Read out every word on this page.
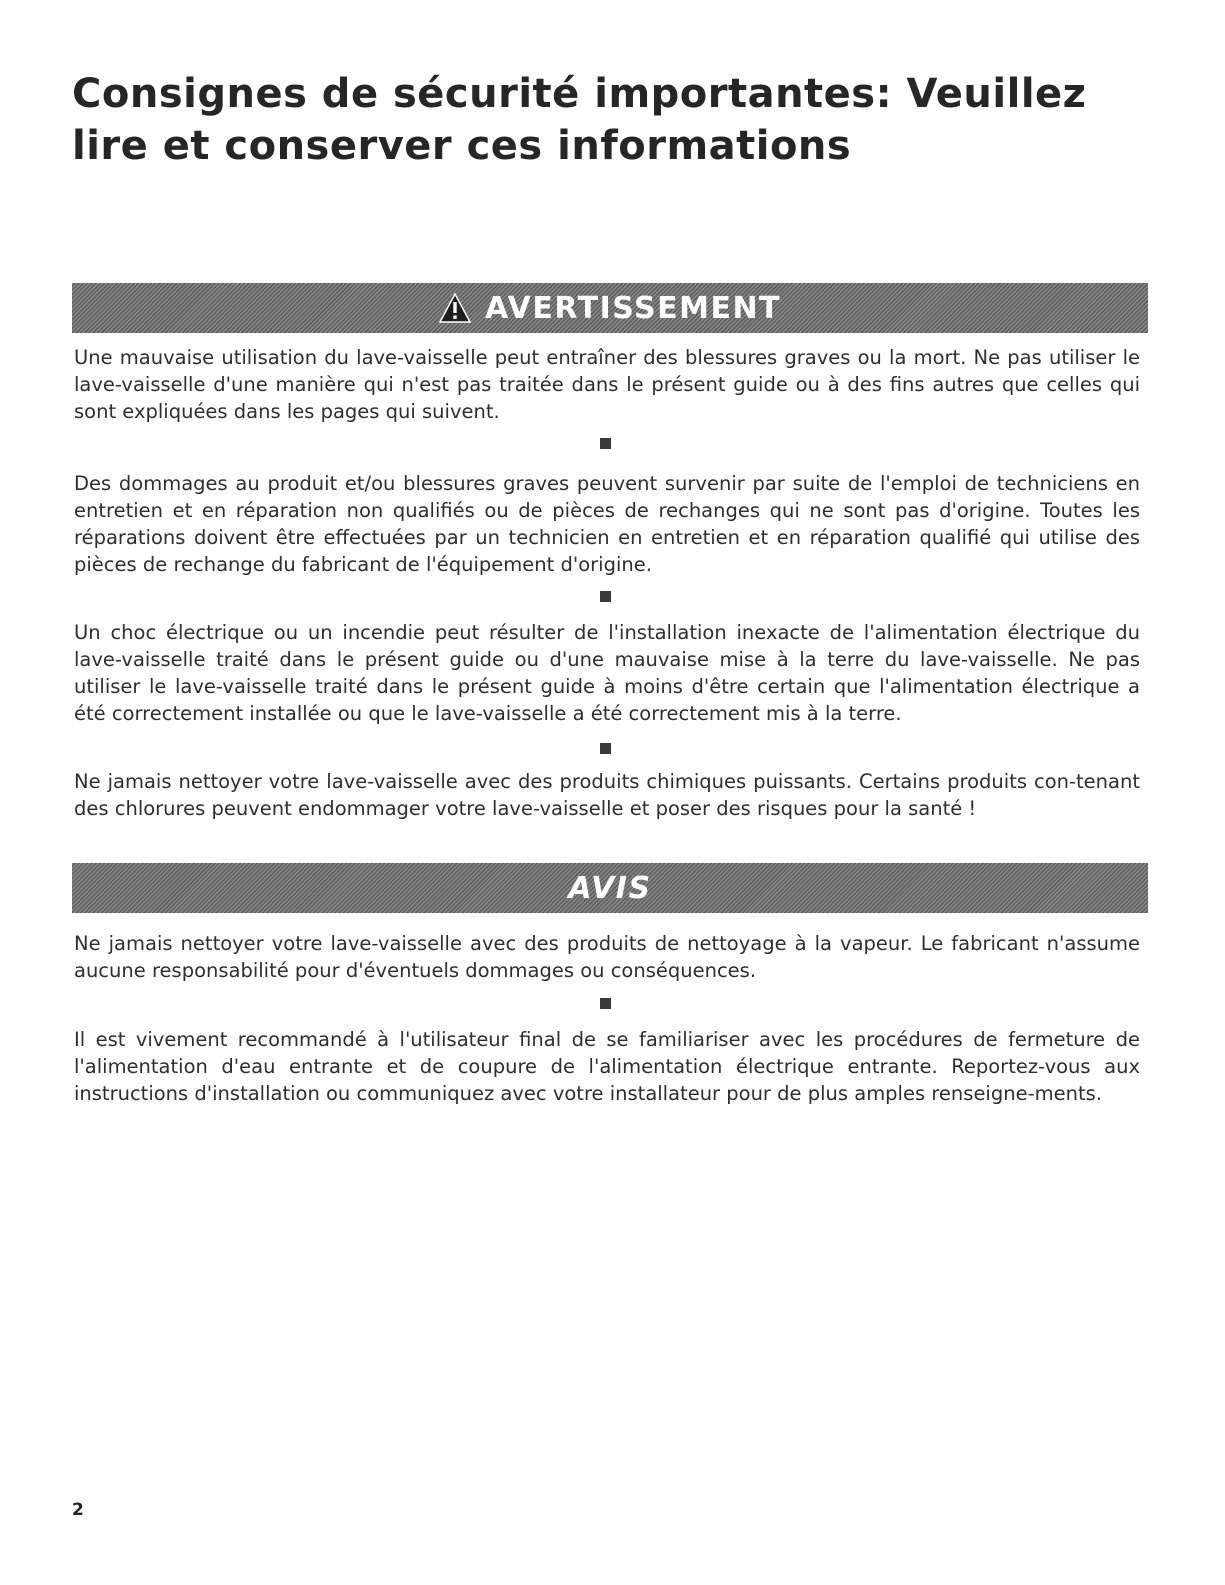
Consignes de sécurité importantes: Veuillez lire et conserver ces informations
AVERTISSEMENT

Une mauvaise utilisation du lave-vaisselle peut entraîner des blessures graves ou la mort. Ne pas utiliser le lave-vaisselle d'une manière qui n'est pas traitée dans le présent guide ou à des fins autres que celles qui sont expliquées dans les pages qui suivent.

Des dommages au produit et/ou blessures graves peuvent survenir par suite de l'emploi de techniciens en entretien et en réparation non qualifiés ou de pièces de rechanges qui ne sont pas d'origine. Toutes les réparations doivent être effectuées par un technicien en entretien et en réparation qualifié qui utilise des pièces de rechange du fabricant de l'équipement d'origine.

Un choc électrique ou un incendie peut résulter de l'installation inexacte de l'alimentation électrique du lave-vaisselle traité dans le présent guide ou d'une mauvaise mise à la terre du lave-vaisselle. Ne pas utiliser le lave-vaisselle traité dans le présent guide à moins d'être certain que l'alimentation électrique a été correctement installée ou que le lave-vaisselle a été correctement mis à la terre.

Ne jamais nettoyer votre lave-vaisselle avec des produits chimiques puissants. Certains produits con-tenant des chlorures peuvent endommager votre lave-vaisselle et poser des risques pour la santé !

AVIS

Ne jamais nettoyer votre lave-vaisselle avec des produits de nettoyage à la vapeur. Le fabricant n'assume aucune responsabilité pour d'éventuels dommages ou conséquences.

Il est vivement recommandé à l'utilisateur final de se familiariser avec les procédures de fermeture de l'alimentation d'eau entrante et de coupure de l'alimentation électrique entrante. Reportez-vous aux instructions d'installation ou communiquez avec votre installateur pour de plus amples renseigne-ments.

2
